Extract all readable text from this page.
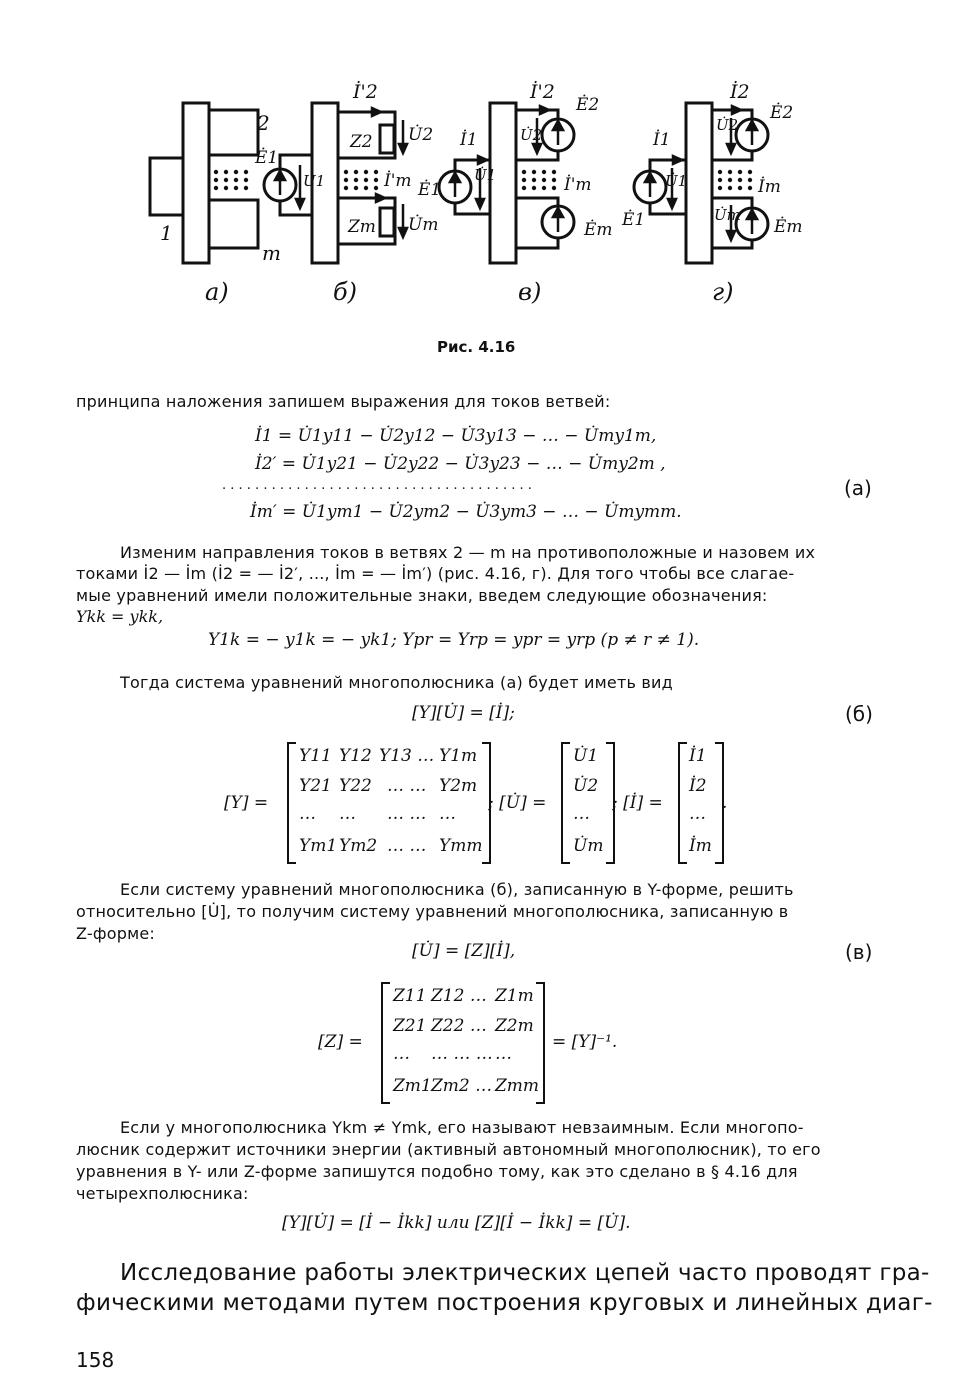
2
m
1
Ė1
İ'2
Z2 U̇2
U̇1	İ'm
Zm U̇m
İ'2
Ė2
U̇2
İ1
Ė1
U̇1	İ'm
Ėm
İ2
Ė2
U̇2
İ1
Ė1
U̇1	İm
U̇m
Ėm
а)	б)	в)	г)
Рис. 4.16
принципа наложения запишем выражения для токов ветвей:
İ1 = U̇1y11 − U̇2y12 − U̇3y13 − … − U̇my1m,
İ2′ = U̇1y21 − U̇2y22 − U̇3y23 − … − U̇my2m ,
. . . . . . . . . . . . . . . . . . . . . . . . . . . . . . . . . . . . . .
İm′ = U̇1ym1 − U̇2ym2 − U̇3ym3 − … − U̇mymm.
(а)
Изменим направления токов в ветвях 2 — m на противоположные и назовем их
токами İ2 — İm (İ2 = — İ2′, ..., İm = — İm′) (рис. 4.16, г). Для того чтобы все слагае-
мые уравнений имели положительные знаки, введем следующие обозначения:
Ykk = ykk,
Y1k = − y1k = − yk1; Ypr = Yrp = ypr = yrp (p ≠ r ≠ 1).
Тогда система уравнений многополюсника (а) будет иметь вид
[Y][U̇] = [İ];	(б)
[Y] =
Y11 Y12 Y13 … Y1m
Y21 Y22 … … Y2m
… … … … …
Ym1 Ym2 … … Ymm
; [U̇] =
U̇1
U̇2
…
U̇m
; [İ] =
İ1
İ2
…
İm
.
Если систему уравнений многополюсника (б), записанную в Y-форме, решить
относительно [U̇], то получим систему уравнений многополюсника, записанную в
Z-форме:
[U̇] = [Z][İ],	(в)
[Z] =
Z11 Z12 … Z1m
Z21 Z22 … Z2m
… … … … …
Zm1 Zm2 … Zmm
= [Y]⁻¹.
Если у многополюсника Ykm ≠ Ymk, его называют невзаимным. Если многопо-
люсник содержит источники энергии (активный автономный многополюсник), то его
уравнения в Y- или Z-форме запишутся подобно тому, как это сделано в § 4.16 для
четырехполюсника:
[Y][U̇] = [İ − İkk] или [Z][İ − İkk] = [U̇].
Исследование работы электрических цепей часто проводят гра-
фическими методами путем построения круговых и линейных диаг-
158
